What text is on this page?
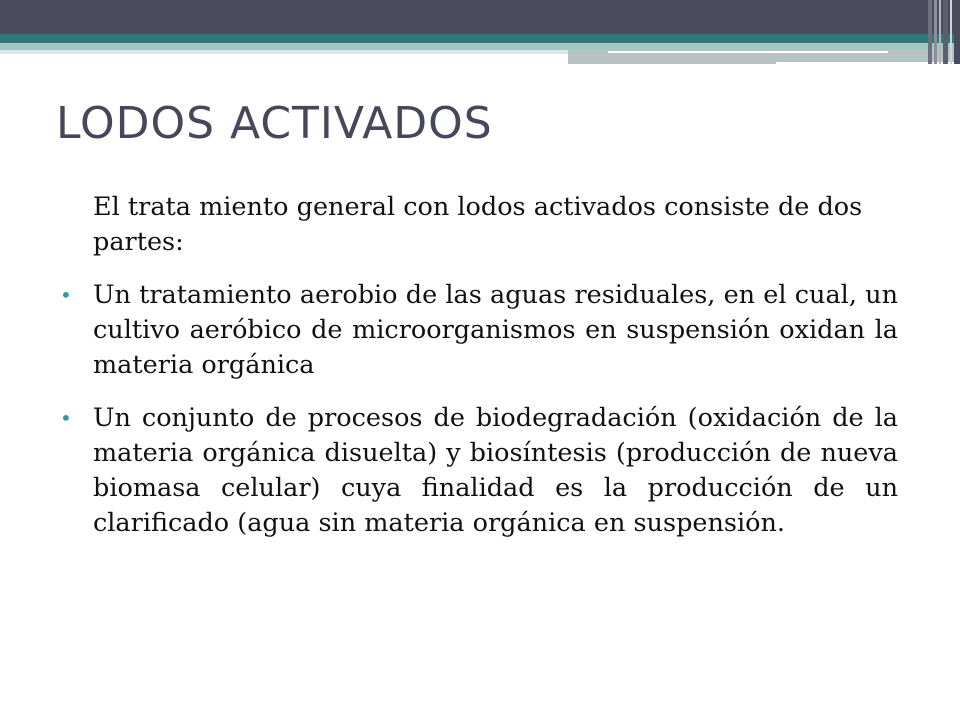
LODOS ACTIVADOS

El trata miento general con lodos activados consiste de dos partes:

• Un tratamiento aerobio de las aguas residuales, en el cual, un cultivo aeróbico de microorganismos en suspensión oxidan la materia orgánica
• Un conjunto de procesos de biodegradación (oxidación de la materia orgánica disuelta) y biosíntesis (producción de nueva biomasa celular) cuya finalidad es la producción de un clarificado (agua sin materia orgánica en suspensión.
